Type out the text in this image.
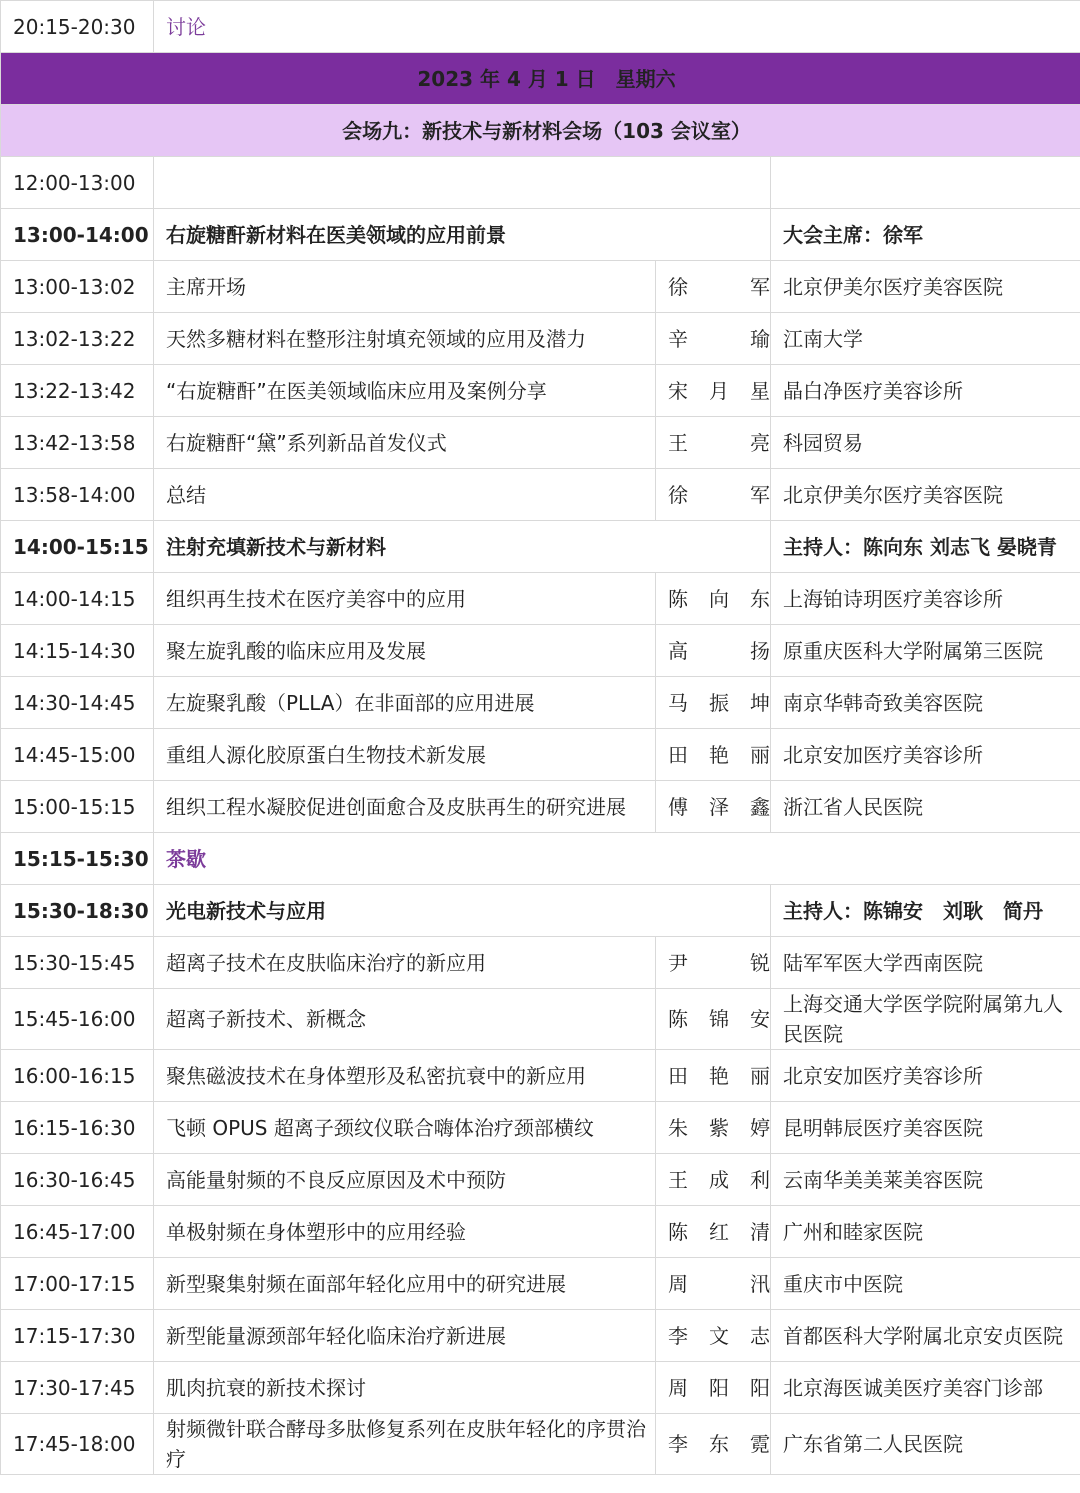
20:15-20:30	讨论		
2023 年 4 月 1 日　星期六			
会场九：新技术与新材料会场（103 会议室）			
12:00-13:00			
13:00-14:00	右旋糖酐新材料在医美领域的应用前景		大会主席：徐军
13:00-13:02	主席开场	徐军	北京伊美尔医疗美容医院
13:02-13:22	天然多糖材料在整形注射填充领域的应用及潜力	辛瑜	江南大学
13:22-13:42	“右旋糖酐”在医美领域临床应用及案例分享	宋月星	晶白净医疗美容诊所
13:42-13:58	右旋糖酐“黛”系列新品首发仪式	王亮	科园贸易
13:58-14:00	总结	徐军	北京伊美尔医疗美容医院
14:00-15:15	注射充填新技术与新材料		主持人：陈向东 刘志飞 晏晓青
14:00-14:15	组织再生技术在医疗美容中的应用	陈向东	上海铂诗玥医疗美容诊所
14:15-14:30	聚左旋乳酸的临床应用及发展	高扬	原重庆医科大学附属第三医院
14:30-14:45	左旋聚乳酸（PLLA）在非面部的应用进展	马振坤	南京华韩奇致美容医院
14:45-15:00	重组人源化胶原蛋白生物技术新发展	田艳丽	北京安加医疗美容诊所
15:00-15:15	组织工程水凝胶促进创面愈合及皮肤再生的研究进展	傅泽鑫	浙江省人民医院
15:15-15:30	茶歇		
15:30-18:30	光电新技术与应用		主持人：陈锦安　刘耿　简丹
15:30-15:45	超离子技术在皮肤临床治疗的新应用	尹锐	陆军军医大学西南医院
15:45-16:00	超离子新技术、新概念	陈锦安	上海交通大学医学院附属第九人民医院
16:00-16:15	聚焦磁波技术在身体塑形及私密抗衰中的新应用	田艳丽	北京安加医疗美容诊所
16:15-16:30	飞顿 OPUS 超离子颈纹仪联合嗨体治疗颈部横纹	朱紫婷	昆明韩辰医疗美容医院
16:30-16:45	高能量射频的不良反应原因及术中预防	王成利	云南华美美莱美容医院
16:45-17:00	单极射频在身体塑形中的应用经验	陈红清	广州和睦家医院
17:00-17:15	新型聚集射频在面部年轻化应用中的研究进展	周汛	重庆市中医院
17:15-17:30	新型能量源颈部年轻化临床治疗新进展	李文志	首都医科大学附属北京安贞医院
17:30-17:45	肌肉抗衰的新技术探讨	周阳阳	北京海医诚美医疗美容门诊部
17:45-18:00	射频微针联合酵母多肽修复系列在皮肤年轻化的序贯治疗	李东霓	广东省第二人民医院
